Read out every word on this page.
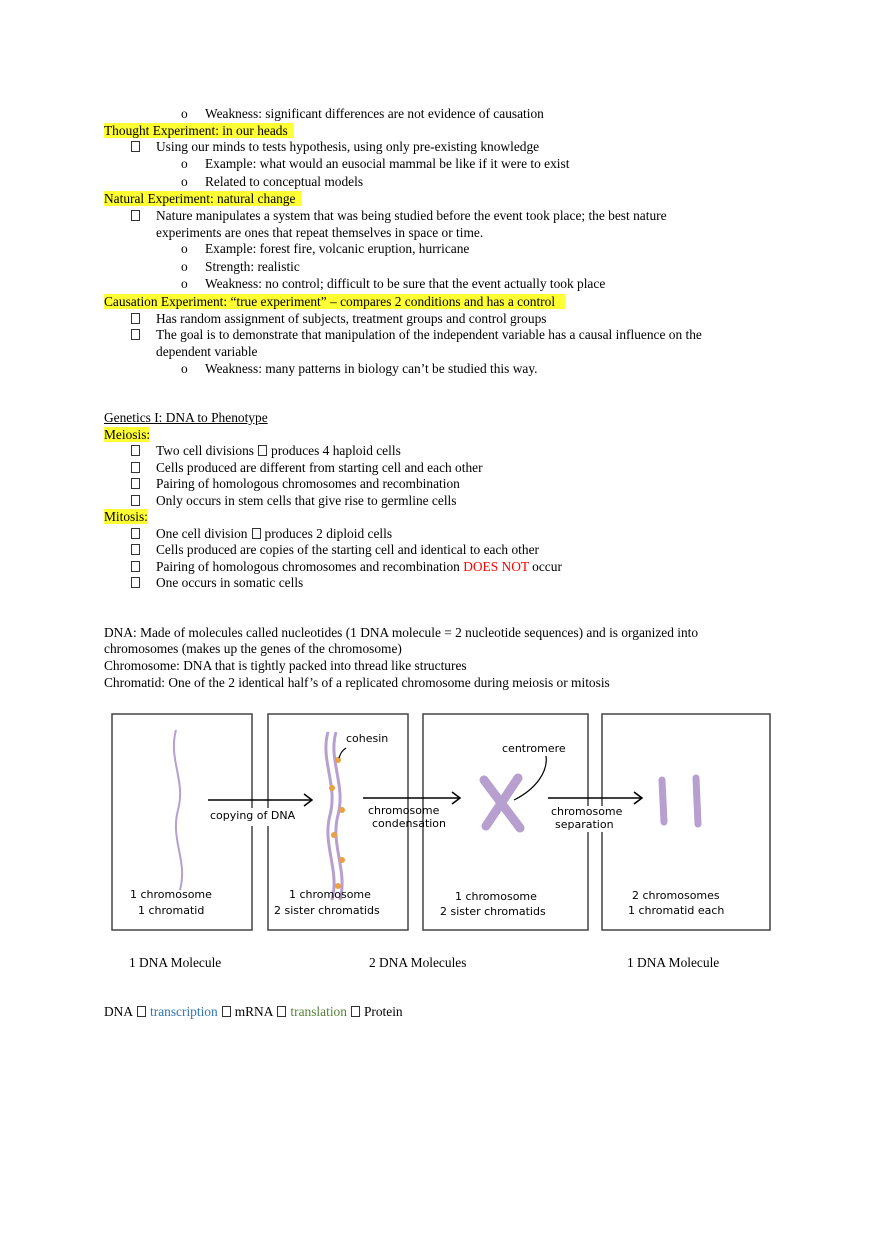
o Weakness: significant differences are not evidence of causation
Thought Experiment: in our heads
Using our minds to tests hypothesis, using only pre-existing knowledge
o Example: what would an eusocial mammal be like if it were to exist
o Related to conceptual models
Natural Experiment: natural change
Nature manipulates a system that was being studied before the event took place; the best nature
experiments are ones that repeat themselves in space or time.
o Example: forest fire, volcanic eruption, hurricane
o Strength: realistic
o Weakness: no control; difficult to be sure that the event actually took place
Causation Experiment: “true experiment” – compares 2 conditions and has a control
Has random assignment of subjects, treatment groups and control groups
The goal is to demonstrate that manipulation of the independent variable has a causal influence on the
dependent variable
o Weakness: many patterns in biology can’t be studied this way.
Genetics I: DNA to Phenotype
Meiosis:
Two cell divisions produces 4 haploid cells
Cells produced are different from starting cell and each other
Pairing of homologous chromosomes and recombination
Only occurs in stem cells that give rise to germline cells
Mitosis:
One cell division produces 2 diploid cells
Cells produced are copies of the starting cell and identical to each other
Pairing of homologous chromosomes and recombination DOES NOT occur
One occurs in somatic cells
DNA: Made of molecules called nucleotides (1 DNA molecule = 2 nucleotide sequences) and is organized into
chromosomes (makes up the genes of the chromosome)
Chromosome: DNA that is tightly packed into thread like structures
Chromatid: One of the 2 identical half’s of a replicated chromosome during meiosis or mitosis
copying of DNA
cohesin
chromosome
condensation
centromere
chromosome
separation
1 chromosome
1 chromatid
1 chromosome
2 sister chromatids
1 chromosome
2 sister chromatids
2 chromosomes
1 chromatid each
1 DNA Molecule	2 DNA Molecules	1 DNA Molecule
DNA transcription mRNA translation Protein
